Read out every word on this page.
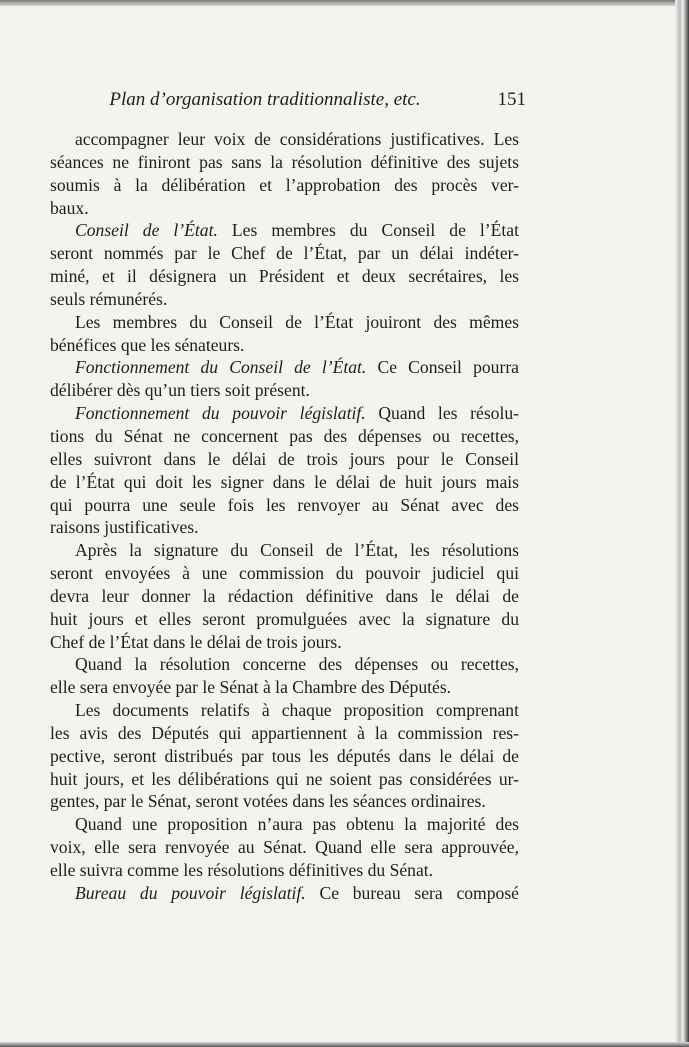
Plan d’organisation traditionnaliste, etc.	151
accompagner leur voix de considérations justificatives. Les
séances ne finiront pas sans la résolution définitive des sujets
soumis à la délibération et l’approbation des procès ver-
baux.
Conseil de l’État. Les membres du Conseil de l’État
seront nommés par le Chef de l’État, par un délai indéter-
miné, et il désignera un Président et deux secrétaires, les
seuls rémunérés.
Les membres du Conseil de l’État jouiront des mêmes
bénéfices que les sénateurs.
Fonctionnement du Conseil de l’État. Ce Conseil pourra
délibérer dès qu’un tiers soit présent.
Fonctionnement du pouvoir législatif. Quand les résolu-
tions du Sénat ne concernent pas des dépenses ou recettes,
elles suivront dans le délai de trois jours pour le Conseil
de l’État qui doit les signer dans le délai de huit jours mais
qui pourra une seule fois les renvoyer au Sénat avec des
raisons justificatives.
Après la signature du Conseil de l’État, les résolutions
seront envoyées à une commission du pouvoir judiciel qui
devra leur donner la rédaction définitive dans le délai de
huit jours et elles seront promulguées avec la signature du
Chef de l’État dans le délai de trois jours.
Quand la résolution concerne des dépenses ou recettes,
elle sera envoyée par le Sénat à la Chambre des Députés.
Les documents relatifs à chaque proposition comprenant
les avis des Députés qui appartiennent à la commission res-
pective, seront distribués par tous les députés dans le délai de
huit jours, et les délibérations qui ne soient pas considérées ur-
gentes, par le Sénat, seront votées dans les séances ordinaires.
Quand une proposition n’aura pas obtenu la majorité des
voix, elle sera renvoyée au Sénat. Quand elle sera approuvée,
elle suivra comme les résolutions définitives du Sénat.
Bureau du pouvoir législatif. Ce bureau sera composé
